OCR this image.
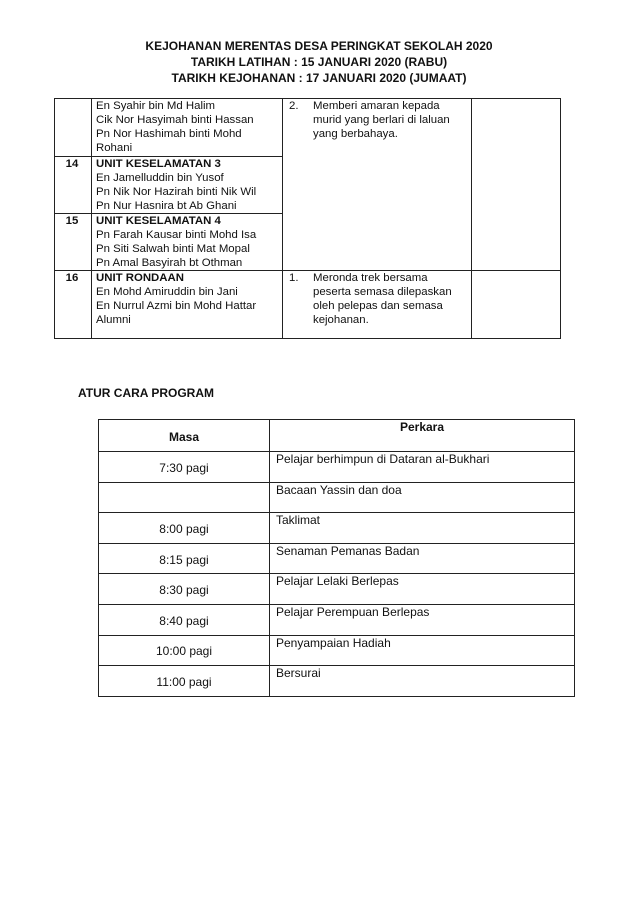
KEJOHANAN MERENTAS DESA PERINGKAT SEKOLAH 2020
TARIKH LATIHAN : 15 JANUARI 2020 (RABU)
TARIKH KEJOHANAN : 17 JANUARI 2020 (JUMAAT)

	En Syahir bin Md Halim
Cik Nor Hasyimah binti Hassan
Pn Nor Hashimah binti Mohd Rohani	2. Memberi amaran kepada murid yang berlari di laluan yang berbahaya.	

14	UNIT KESELAMATAN 3
En Jamelluddin bin Yusof
Pn Nik Nor Hazirah binti Nik Wil
Pn Nur Hasnira bt Ab Ghani		

15	UNIT KESELAMATAN 4
Pn Farah Kausar binti Mohd Isa
Pn Siti Salwah binti Mat Mopal
Pn Amal Basyirah bt Othman		

16	UNIT RONDAAN
En Mohd Amiruddin bin Jani
En Nurrul Azmi bin Mohd Hattar
Alumni	1. Meronda trek bersama peserta semasa dilepaskan oleh pelepas dan semasa kejohanan.	

ATUR CARA PROGRAM
Masa	Perkara
7:30 pagi	Pelajar berhimpun di Dataran al-Bukhari
	Bacaan Yassin dan doa
8:00 pagi	Taklimat
8:15 pagi	Senaman Pemanas Badan
8:30 pagi	Pelajar Lelaki Berlepas
8:40 pagi	Pelajar Perempuan Berlepas
10:00 pagi	Penyampaian Hadiah
11:00 pagi	Bersurai
